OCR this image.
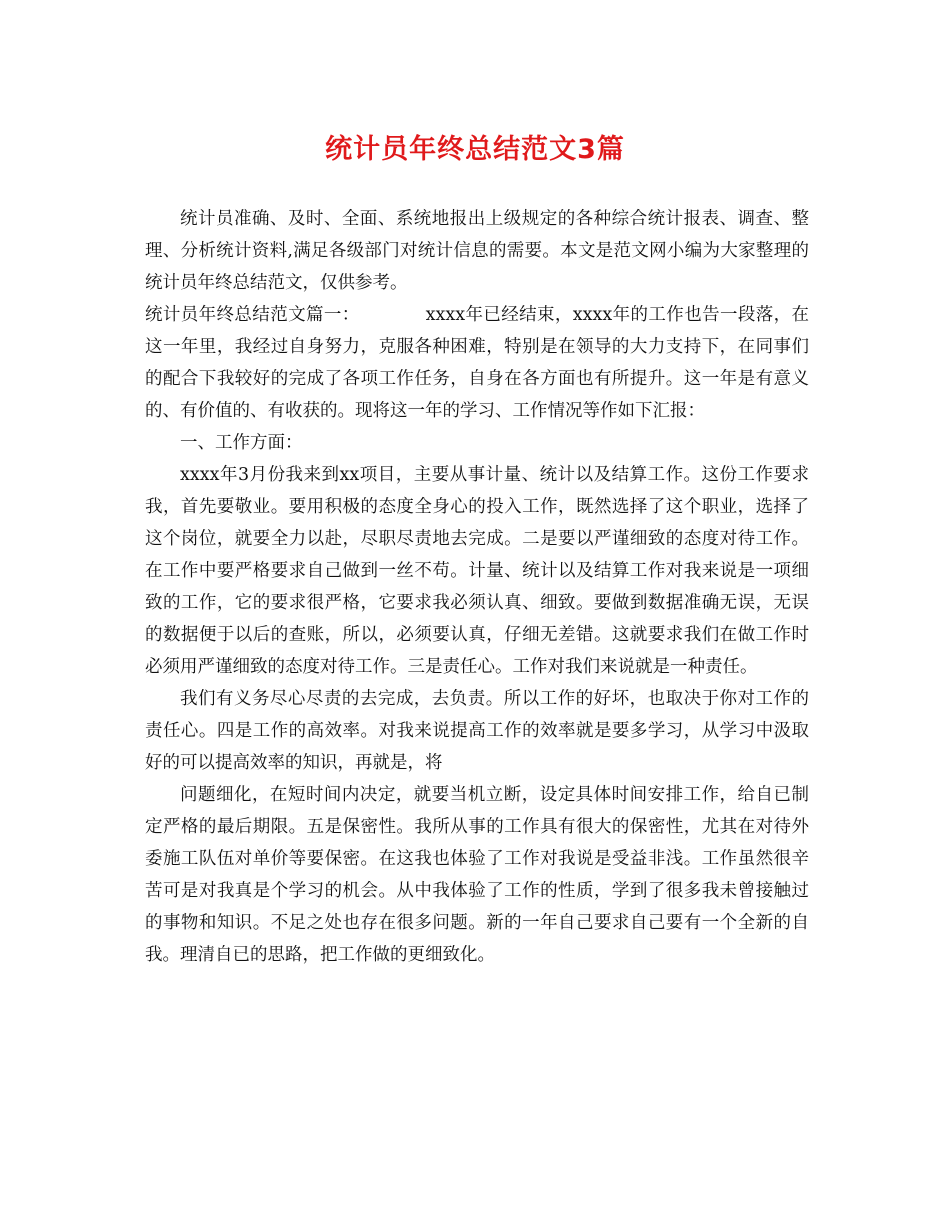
统计员年终总结范文3篇

统计员准确、及时、全面、系统地报出上级规定的各种综合统计报表、调查、整理、分析统计资料,满足各级部门对统计信息的需要。本文是范文网小编为大家整理的统计员年终总结范文，仅供参考。

统计员年终总结范文篇一：	xxxx年已经结束，xxxx年的工作也告一段落，在这一年里，我经过自身努力，克服各种困难，特别是在领导的大力支持下，在同事们的配合下我较好的完成了各项工作任务，自身在各方面也有所提升。这一年是有意义的、有价值的、有收获的。现将这一年的学习、工作情况等作如下汇报：

一、工作方面：

xxxx年3月份我来到xx项目，主要从事计量、统计以及结算工作。这份工作要求我，首先要敬业。要用积极的态度全身心的投入工作，既然选择了这个职业，选择了这个岗位，就要全力以赴，尽职尽责地去完成。二是要以严谨细致的态度对待工作。在工作中要严格要求自己做到一丝不苟。计量、统计以及结算工作对我来说是一项细致的工作，它的要求很严格，它要求我必须认真、细致。要做到数据准确无误，无误的数据便于以后的查账，所以，必须要认真，仔细无差错。这就要求我们在做工作时必须用严谨细致的态度对待工作。三是责任心。工作对我们来说就是一种责任。

我们有义务尽心尽责的去完成，去负责。所以工作的好坏，也取决于你对工作的责任心。四是工作的高效率。对我来说提高工作的效率就是要多学习，从学习中汲取好的可以提高效率的知识，再就是，将

问题细化，在短时间内决定，就要当机立断，设定具体时间安排工作，给自已制定严格的最后期限。五是保密性。我所从事的工作具有很大的保密性，尤其在对待外委施工队伍对单价等要保密。在这我也体验了工作对我说是受益非浅。工作虽然很辛苦可是对我真是个学习的机会。从中我体验了工作的性质，学到了很多我未曾接触过的事物和知识。不足之处也存在很多问题。新的一年自己要求自己要有一个全新的自我。理清自已的思路，把工作做的更细致化。
